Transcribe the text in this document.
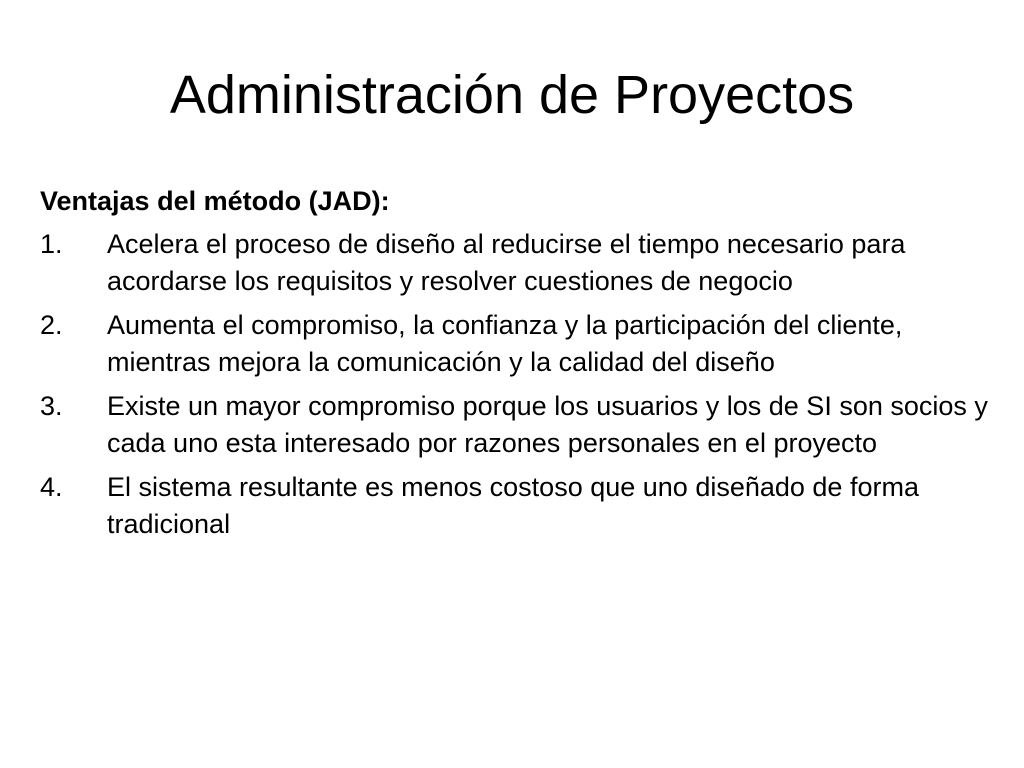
Administración de Proyectos

Ventajas del método (JAD):

1. Acelera el proceso de diseño al reducirse el tiempo necesario para acordarse los requisitos y resolver cuestiones de negocio
2. Aumenta el compromiso, la confianza y la participación del cliente, mientras mejora la comunicación y la calidad del diseño
3. Existe un mayor compromiso porque los usuarios y los de SI son socios y cada uno esta interesado por razones personales en el proyecto
4. El sistema resultante es menos costoso que uno diseñado de forma tradicional
